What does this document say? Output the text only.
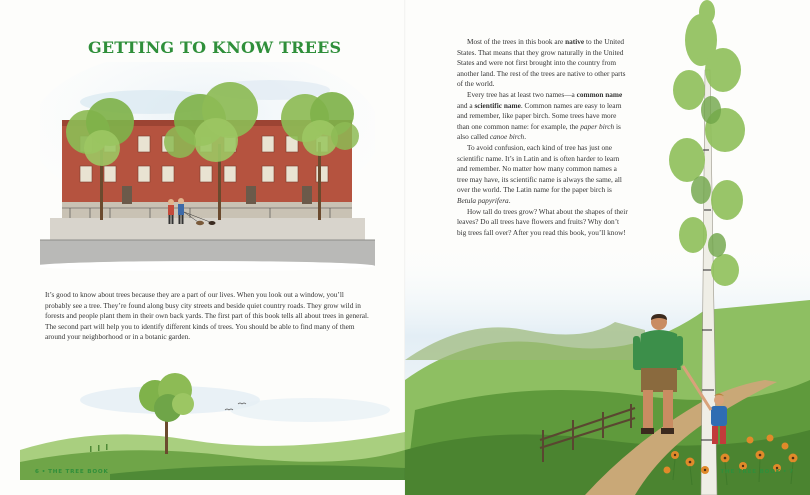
GETTING TO KNOW TREES

It’s good to know about trees because they are a part of our lives. When you look out a window, you’ll probably see a tree. They’re found along busy city streets and beside quiet country roads. They grow wild in forests and people plant them in their own back yards. The first part of this book tells all about trees in general. The second part will help you to identify different kinds of trees. You should be able to find many of them around your neighborhood or in a botanic garden.

6 • THE TREE BOOK

Most of the trees in this book are native to the United States. That means that they grow naturally in the United States and were not first brought into the country from another land. The rest of the trees are native to other parts of the world.

Every tree has at least two names—a common name and a scientific name. Common names are easy to learn and remember, like paper birch. Some trees have more than one common name: for example, the paper birch is also called canoe birch.

To avoid confusion, each kind of tree has just one scientific name. It’s in Latin and is often harder to learn and remember. No matter how many common names a tree may have, its scientific name is always the same, all over the world. The Latin name for the paper birch is Betula papyrifera.

How tall do trees grow? What about the shapes of their leaves? Do all trees have flowers and fruits? Why don’t big trees fall over? After you read this book, you’ll know!

THE TREE BOOK • 7
